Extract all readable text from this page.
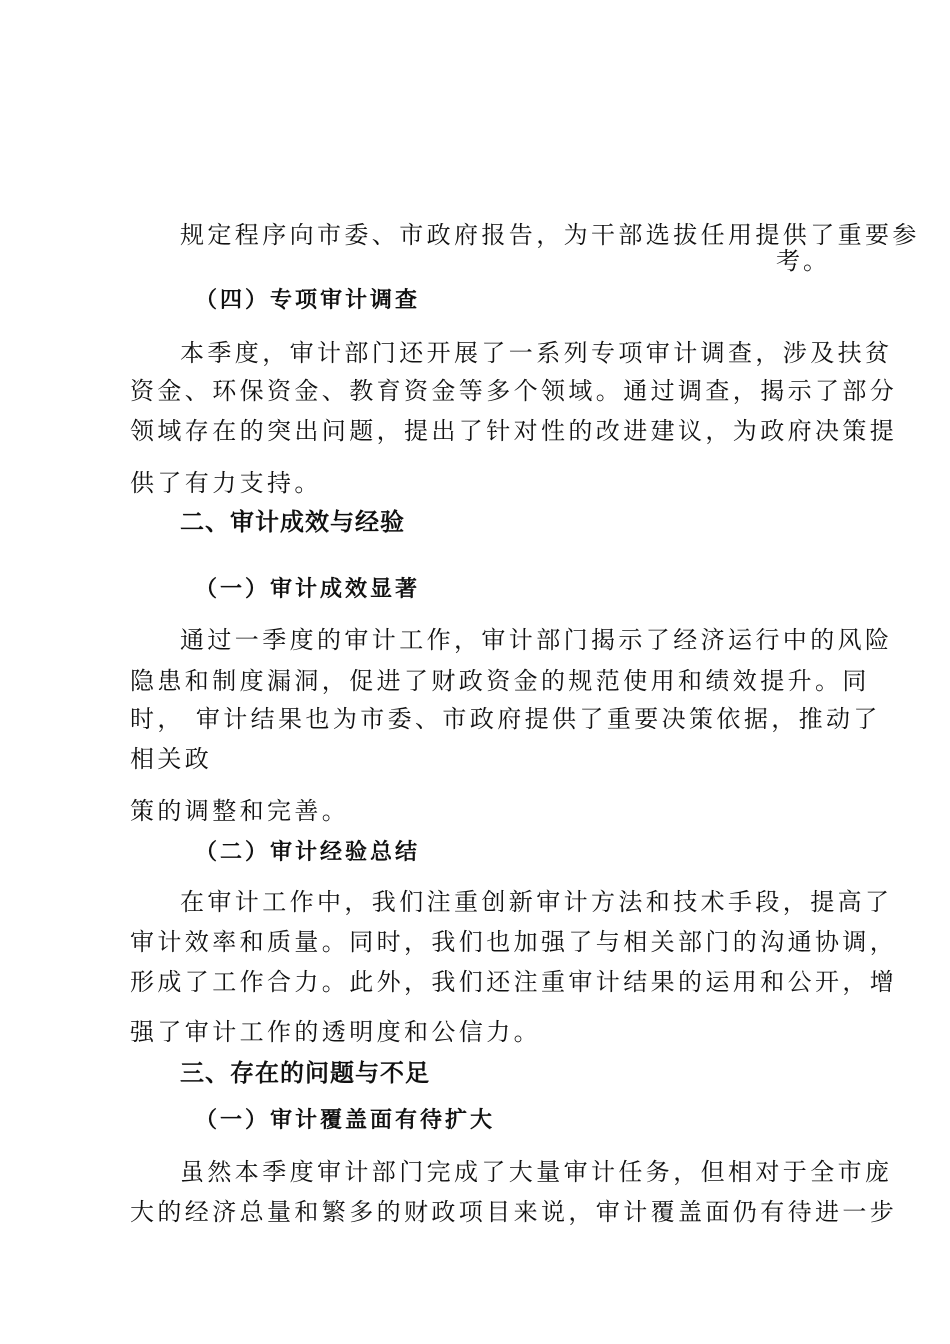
规定程序向市委、市政府报告，为干部选拔任用提供了重要参
考。
（四）专项审计调查
本季度，审计部门还开展了一系列专项审计调查，涉及扶贫
资金、环保资金、教育资金等多个领域。通过调查，揭示了部分
领域存在的突出问题，提出了针对性的改进建议，为政府决策提
供了有力支持。
二、审计成效与经验
（一）审计成效显著
通过一季度的审计工作，审计部门揭示了经济运行中的风险
隐患和制度漏洞，促进了财政资金的规范使用和绩效提升。同
时， 审计结果也为市委、市政府提供了重要决策依据，推动了
相关政
策的调整和完善。
（二）审计经验总结
在审计工作中，我们注重创新审计方法和技术手段，提高了
审计效率和质量。同时，我们也加强了与相关部门的沟通协调，
形成了工作合力。此外，我们还注重审计结果的运用和公开，增
强了审计工作的透明度和公信力。
三、存在的问题与不足
（一）审计覆盖面有待扩大
虽然本季度审计部门完成了大量审计任务，但相对于全市庞
大的经济总量和繁多的财政项目来说，审计覆盖面仍有待进一步
